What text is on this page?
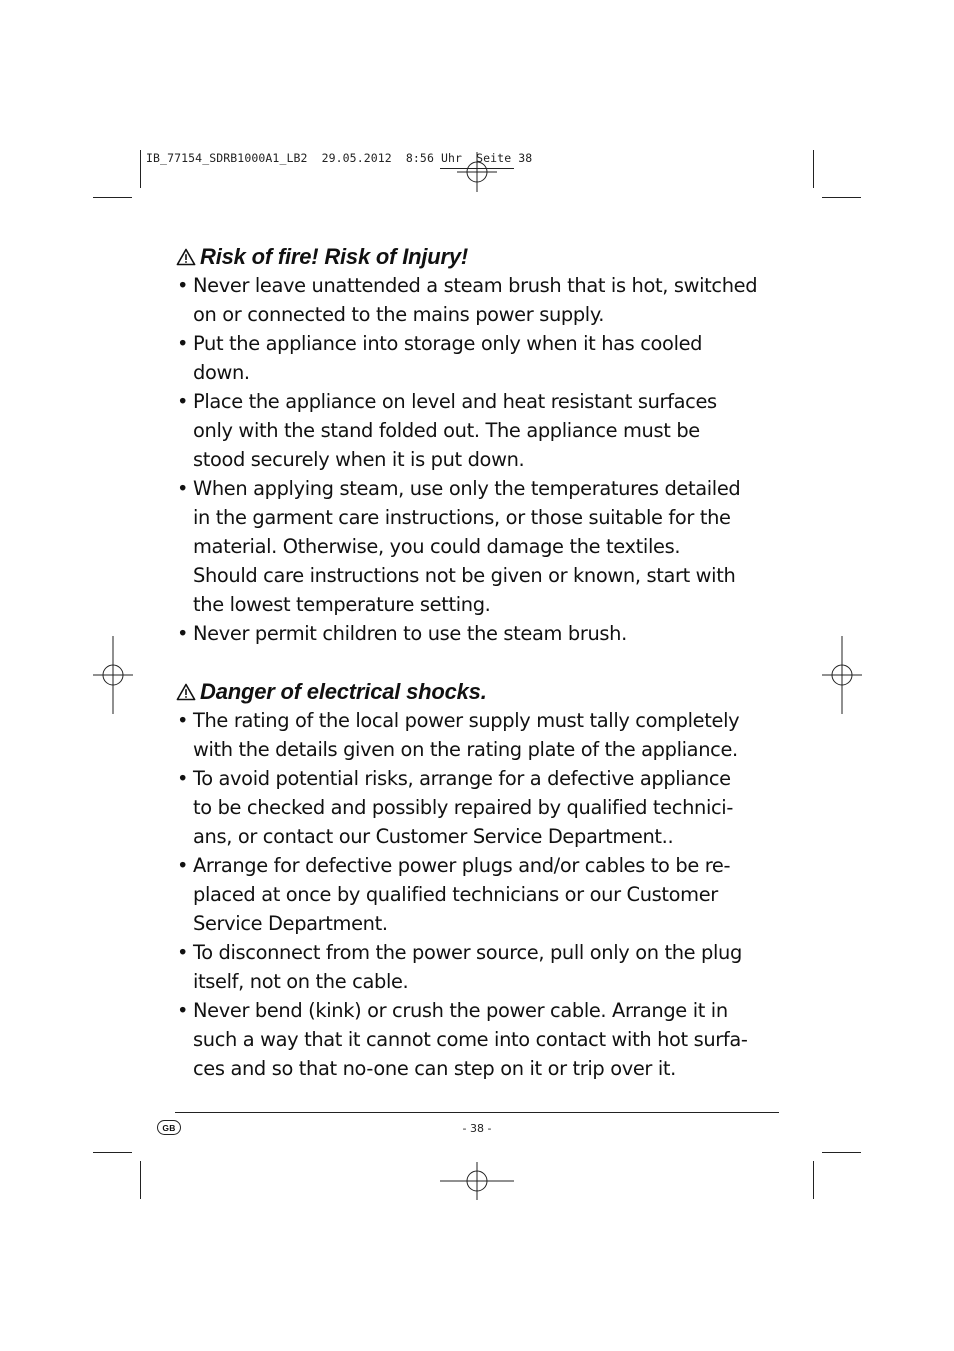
IB_77154_SDRB1000A1_LB2  29.05.2012  8:56 Uhr  Seite 38
Risk of fire! Risk of Injury!
• Never leave unattended a steam brush that is hot, switched
on or connected to the mains power supply.
• Put the appliance into storage only when it has cooled
down.
• Place the appliance on level and heat resistant surfaces
only with the stand folded out. The appliance must be
stood securely when it is put down.
• When applying steam, use only the temperatures detailed
in the garment care instructions, or those suitable for the
material. Otherwise, you could damage the textiles.
Should care instructions not be given or known, start with
the lowest temperature setting.
• Never permit children to use the steam brush.
Danger of electrical shocks.
• The rating of the local power supply must tally completely
with the details given on the rating plate of the appliance.
• To avoid potential risks, arrange for a defective appliance
to be checked and possibly repaired by qualified technici-
ans, or contact our Customer Service Department..
• Arrange for defective power plugs and/or cables to be re-
placed at once by qualified technicians or our Customer
Service Department.
• To disconnect from the power source, pull only on the plug
itself, not on the cable.
• Never bend (kink) or crush the power cable. Arrange it in
such a way that it cannot come into contact with hot surfa-
ces and so that no-one can step on it or trip over it.
GB	- 38 -
